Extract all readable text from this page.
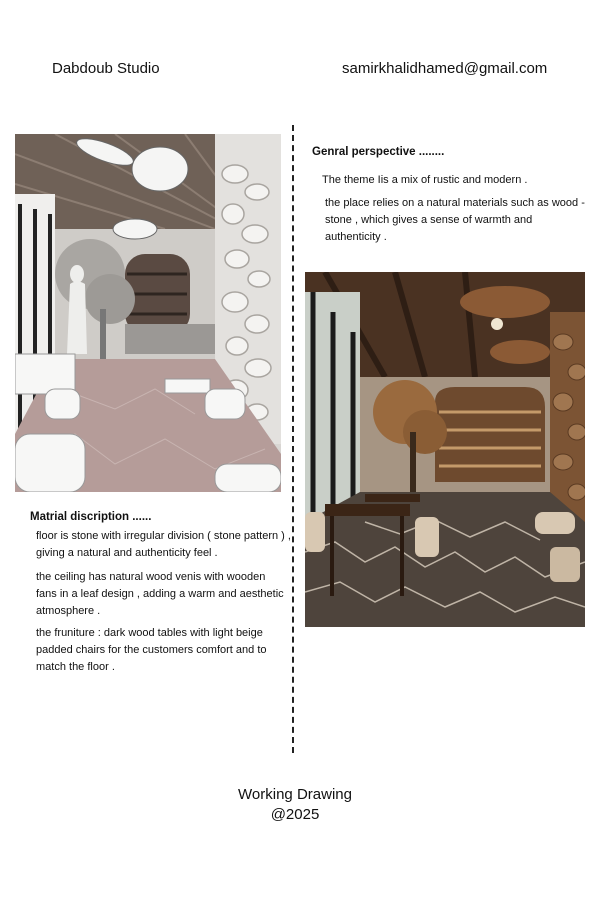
Dabdoub Studio	samirkhalidhamed@gmail.com
Genral perspective ........
The theme Iis a mix of rustic and modern .
the place relies on a natural materials such as wood - stone , which gives a sense of warmth and authenticity .
Matrial discription ......
floor is stone with irregular division ( stone pattern ) , giving a natural and authenticity feel .
the ceiling has natural wood venis with wooden fans in a leaf design , adding a warm and aesthetic atmosphere .
the fruniture : dark wood tables with light beige padded chairs for the customers comfort and to match the floor .
Working Drawing
@2025
